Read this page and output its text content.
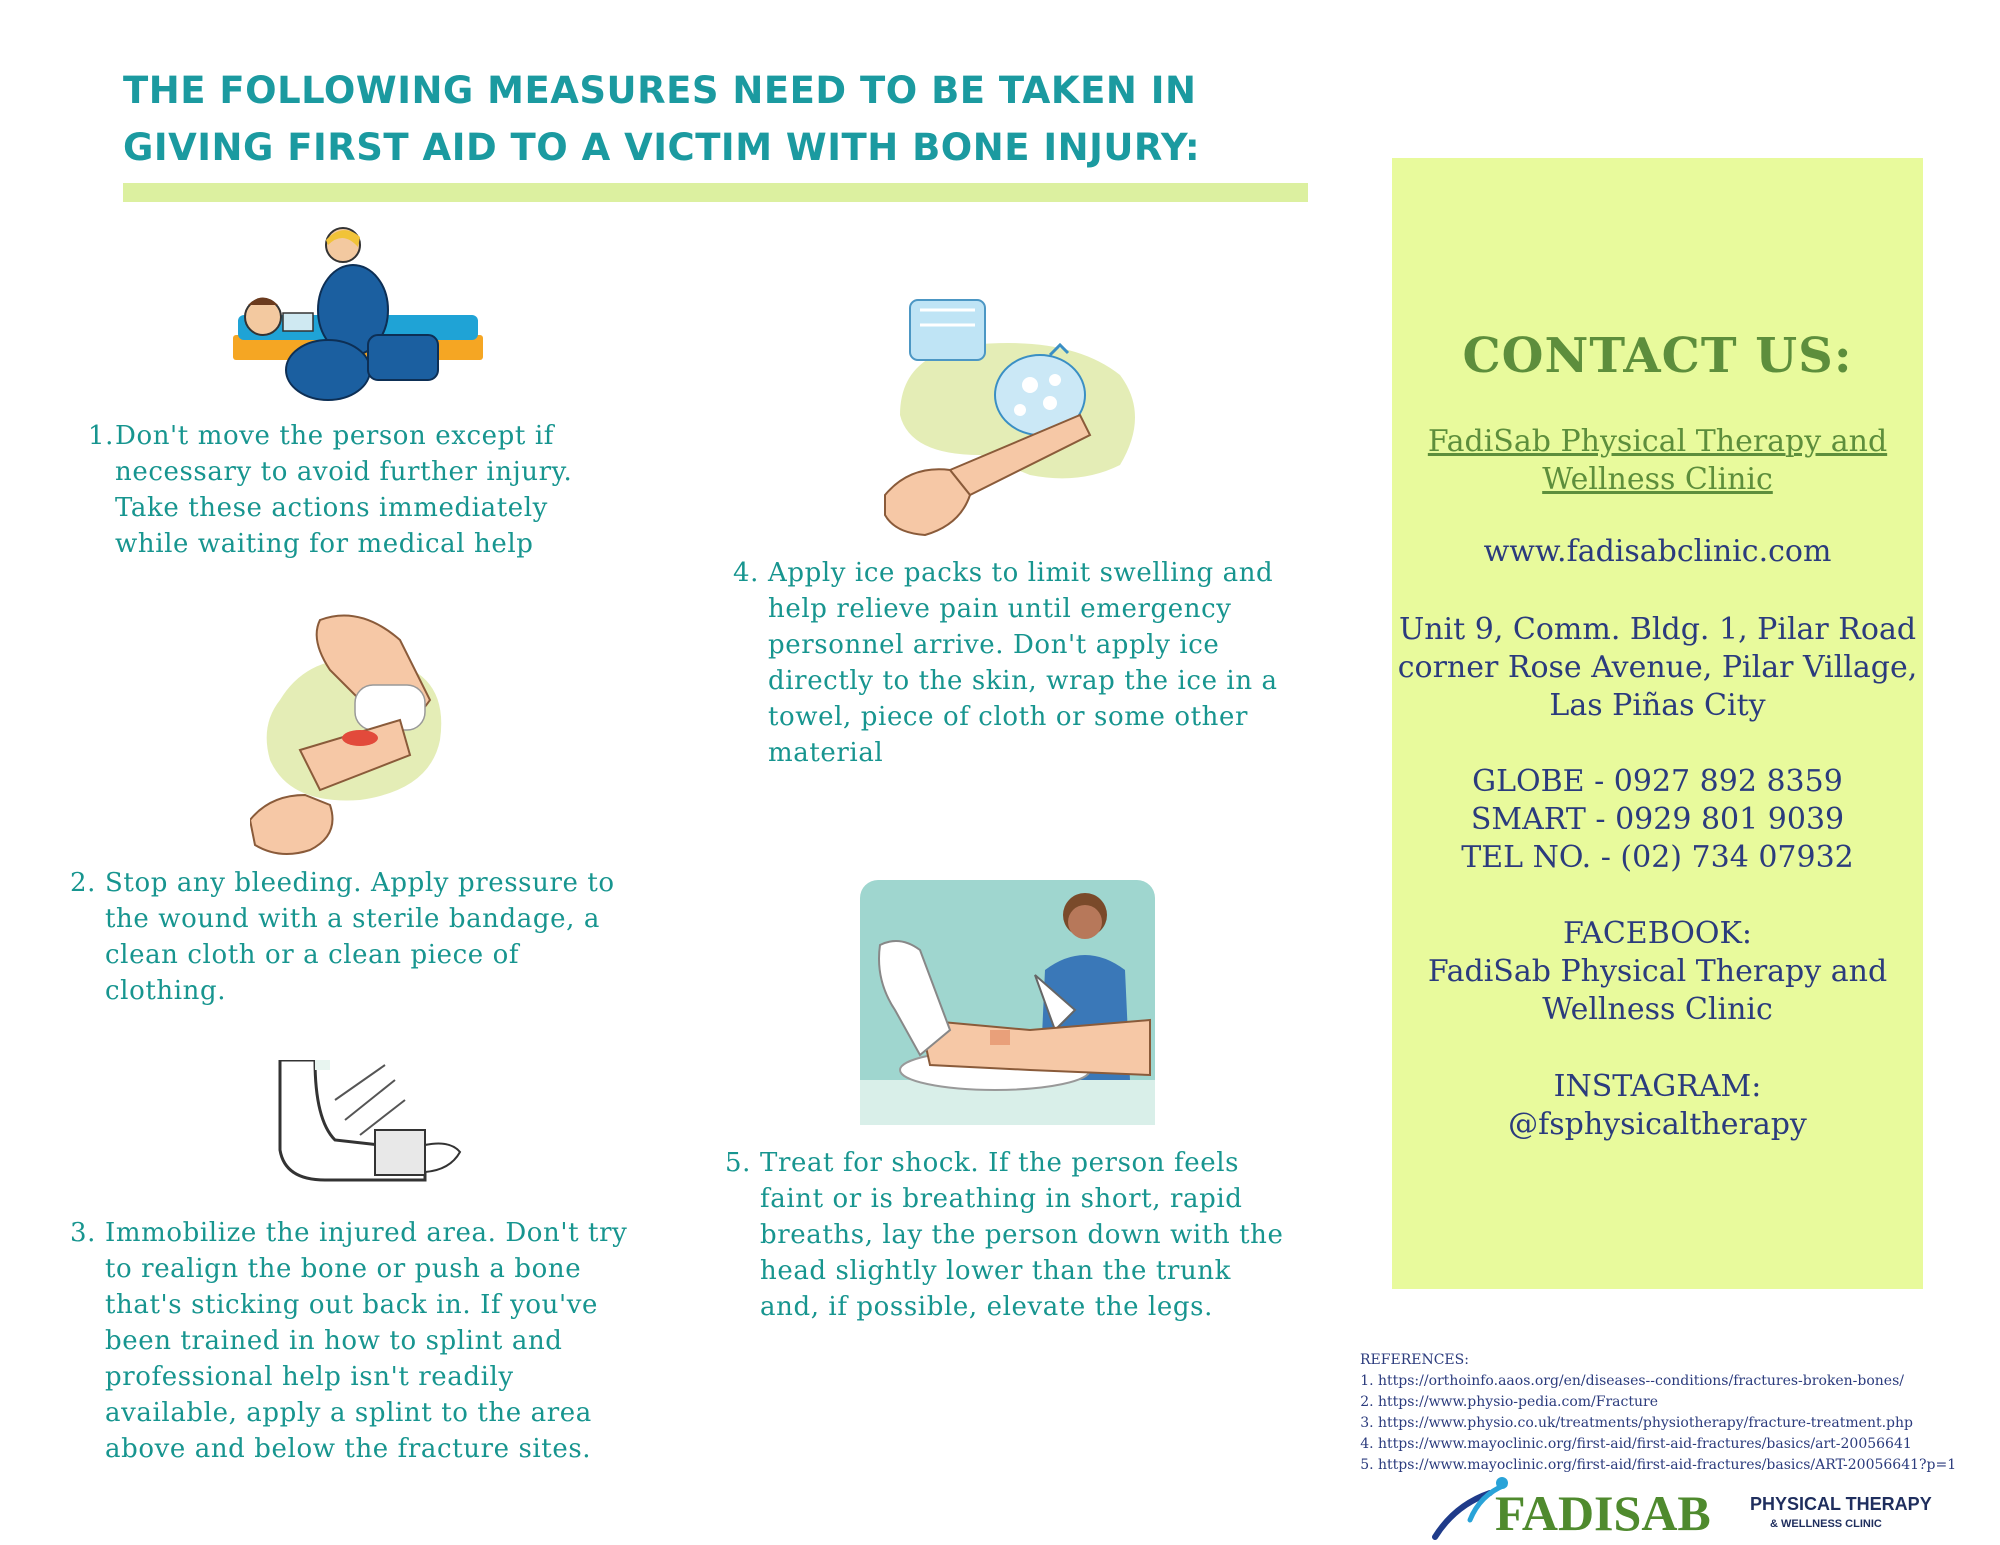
THE FOLLOWING MEASURES NEED TO BE TAKEN IN
GIVING FIRST AID TO A VICTIM WITH BONE INJURY:
1. Don't move the person except if necessary to avoid further injury. Take these actions immediately while waiting for medical help
2. Stop any bleeding. Apply pressure to the wound with a sterile bandage, a clean cloth or a clean piece of clothing.
3. Immobilize the injured area. Don't try to realign the bone or push a bone that's sticking out back in. If you've been trained in how to splint and professional help isn't readily available, apply a splint to the area above and below the fracture sites.
4. Apply ice packs to limit swelling and help relieve pain until emergency personnel arrive. Don't apply ice directly to the skin, wrap the ice in a towel, piece of cloth or some other material
5. Treat for shock. If the person feels faint or is breathing in short, rapid breaths, lay the person down with the head slightly lower than the trunk and, if possible, elevate the legs.
CONTACT US:
FadiSab Physical Therapy and
Wellness Clinic
www.fadisabclinic.com
Unit 9, Comm. Bldg. 1, Pilar Road
corner Rose Avenue, Pilar Village,
Las Piñas City
GLOBE - 0927 892 8359
SMART - 0929 801 9039
TEL NO. - (02) 734 07932
FACEBOOK:
FadiSab Physical Therapy and
Wellness Clinic
INSTAGRAM:
@fsphysicaltherapy
REFERENCES:
1. https://orthoinfo.aaos.org/en/diseases--conditions/fractures-broken-bones/
2. https://www.physio-pedia.com/Fracture
3. https://www.physio.co.uk/treatments/physiotherapy/fracture-treatment.php
4. https://www.mayoclinic.org/first-aid/first-aid-fractures/basics/art-20056641
5. https://www.mayoclinic.org/first-aid/first-aid-fractures/basics/ART-20056641?p=1
FADISAB PHYSICAL THERAPY
& WELLNESS CLINIC
